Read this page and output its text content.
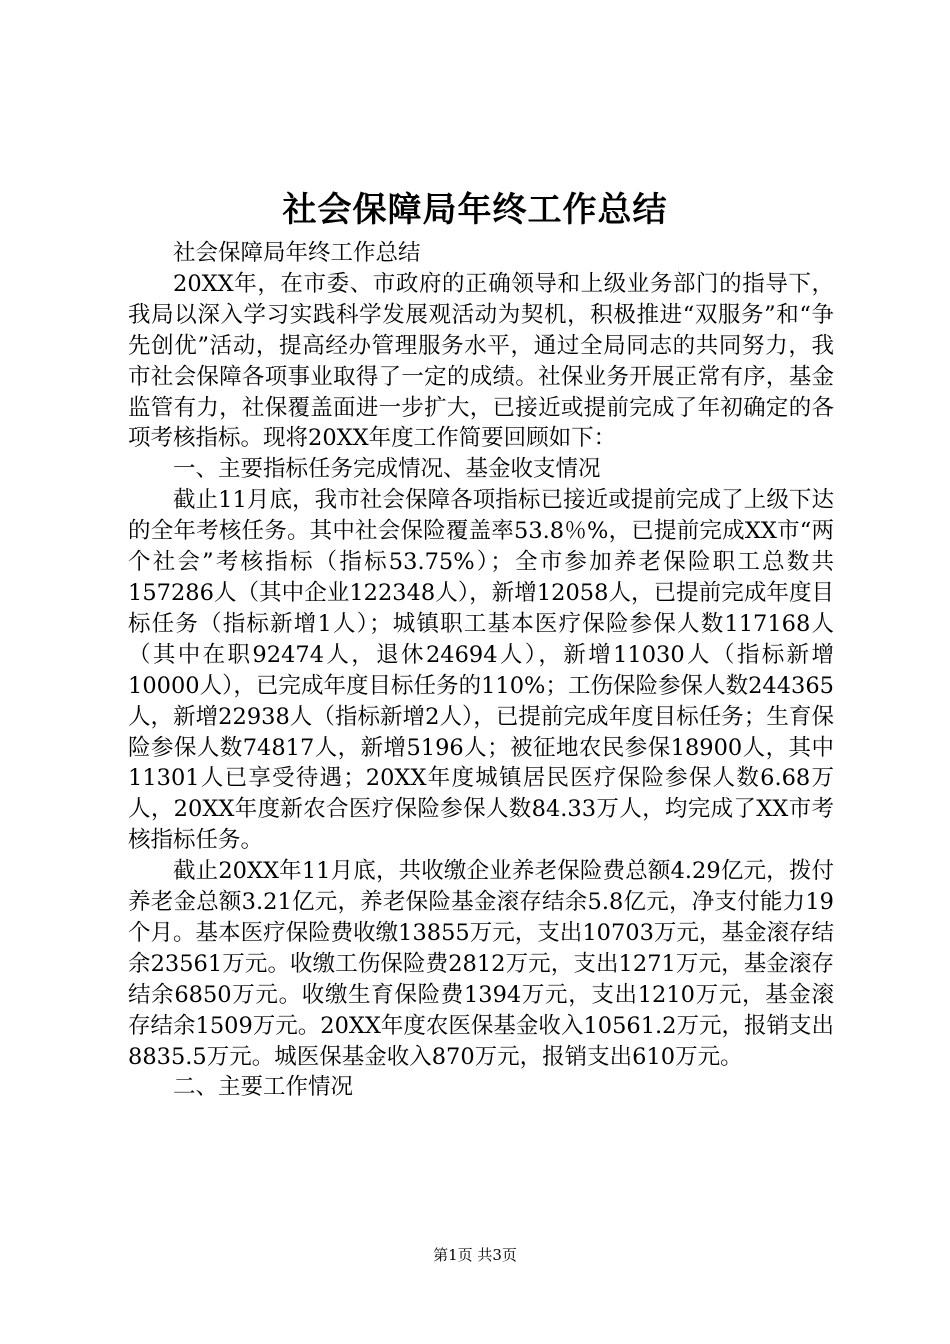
社会保障局年终工作总结

社会保障局年终工作总结

20XX年，在市委、市政府的正确领导和上级业务部门的指导下，我局以深入学习实践科学发展观活动为契机，积极推进“双服务”和“争先创优”活动，提高经办管理服务水平，通过全局同志的共同努力，我市社会保障各项事业取得了一定的成绩。社保业务开展正常有序，基金监管有力，社保覆盖面进一步扩大，已接近或提前完成了年初确定的各项考核指标。现将20XX年度工作简要回顾如下：

一、主要指标任务完成情况、基金收支情况

截止11月底，我市社会保障各项指标已接近或提前完成了上级下达的全年考核任务。其中社会保险覆盖率53.8％%，已提前完成XX市“两个社会”考核指标（指标53.75%）；全市参加养老保险职工总数共157286人（其中企业122348人），新增12058人，已提前完成年度目标任务（指标新增1人）；城镇职工基本医疗保险参保人数117168人（其中在职92474人，退休24694人），新增11030人（指标新增10000人），已完成年度目标任务的110%；工伤保险参保人数244365人，新增22938人（指标新增2人），已提前完成年度目标任务；生育保险参保人数74817人，新增5196人；被征地农民参保18900人，其中11301人已享受待遇；20XX年度城镇居民医疗保险参保人数6.68万人，20XX年度新农合医疗保险参保人数84.33万人，均完成了XX市考核指标任务。

截止20XX年11月底，共收缴企业养老保险费总额4.29亿元，拨付养老金总额3.21亿元，养老保险基金滚存结余5.8亿元，净支付能力19个月。基本医疗保险费收缴13855万元，支出10703万元，基金滚存结余23561万元。收缴工伤保险费2812万元，支出1271万元，基金滚存结余6850万元。收缴生育保险费1394万元，支出1210万元，基金滚存结余1509万元。20XX年度农医保基金收入10561.2万元，报销支出8835.5万元。城医保基金收入870万元，报销支出610万元。

二、主要工作情况

第1页 共3页
